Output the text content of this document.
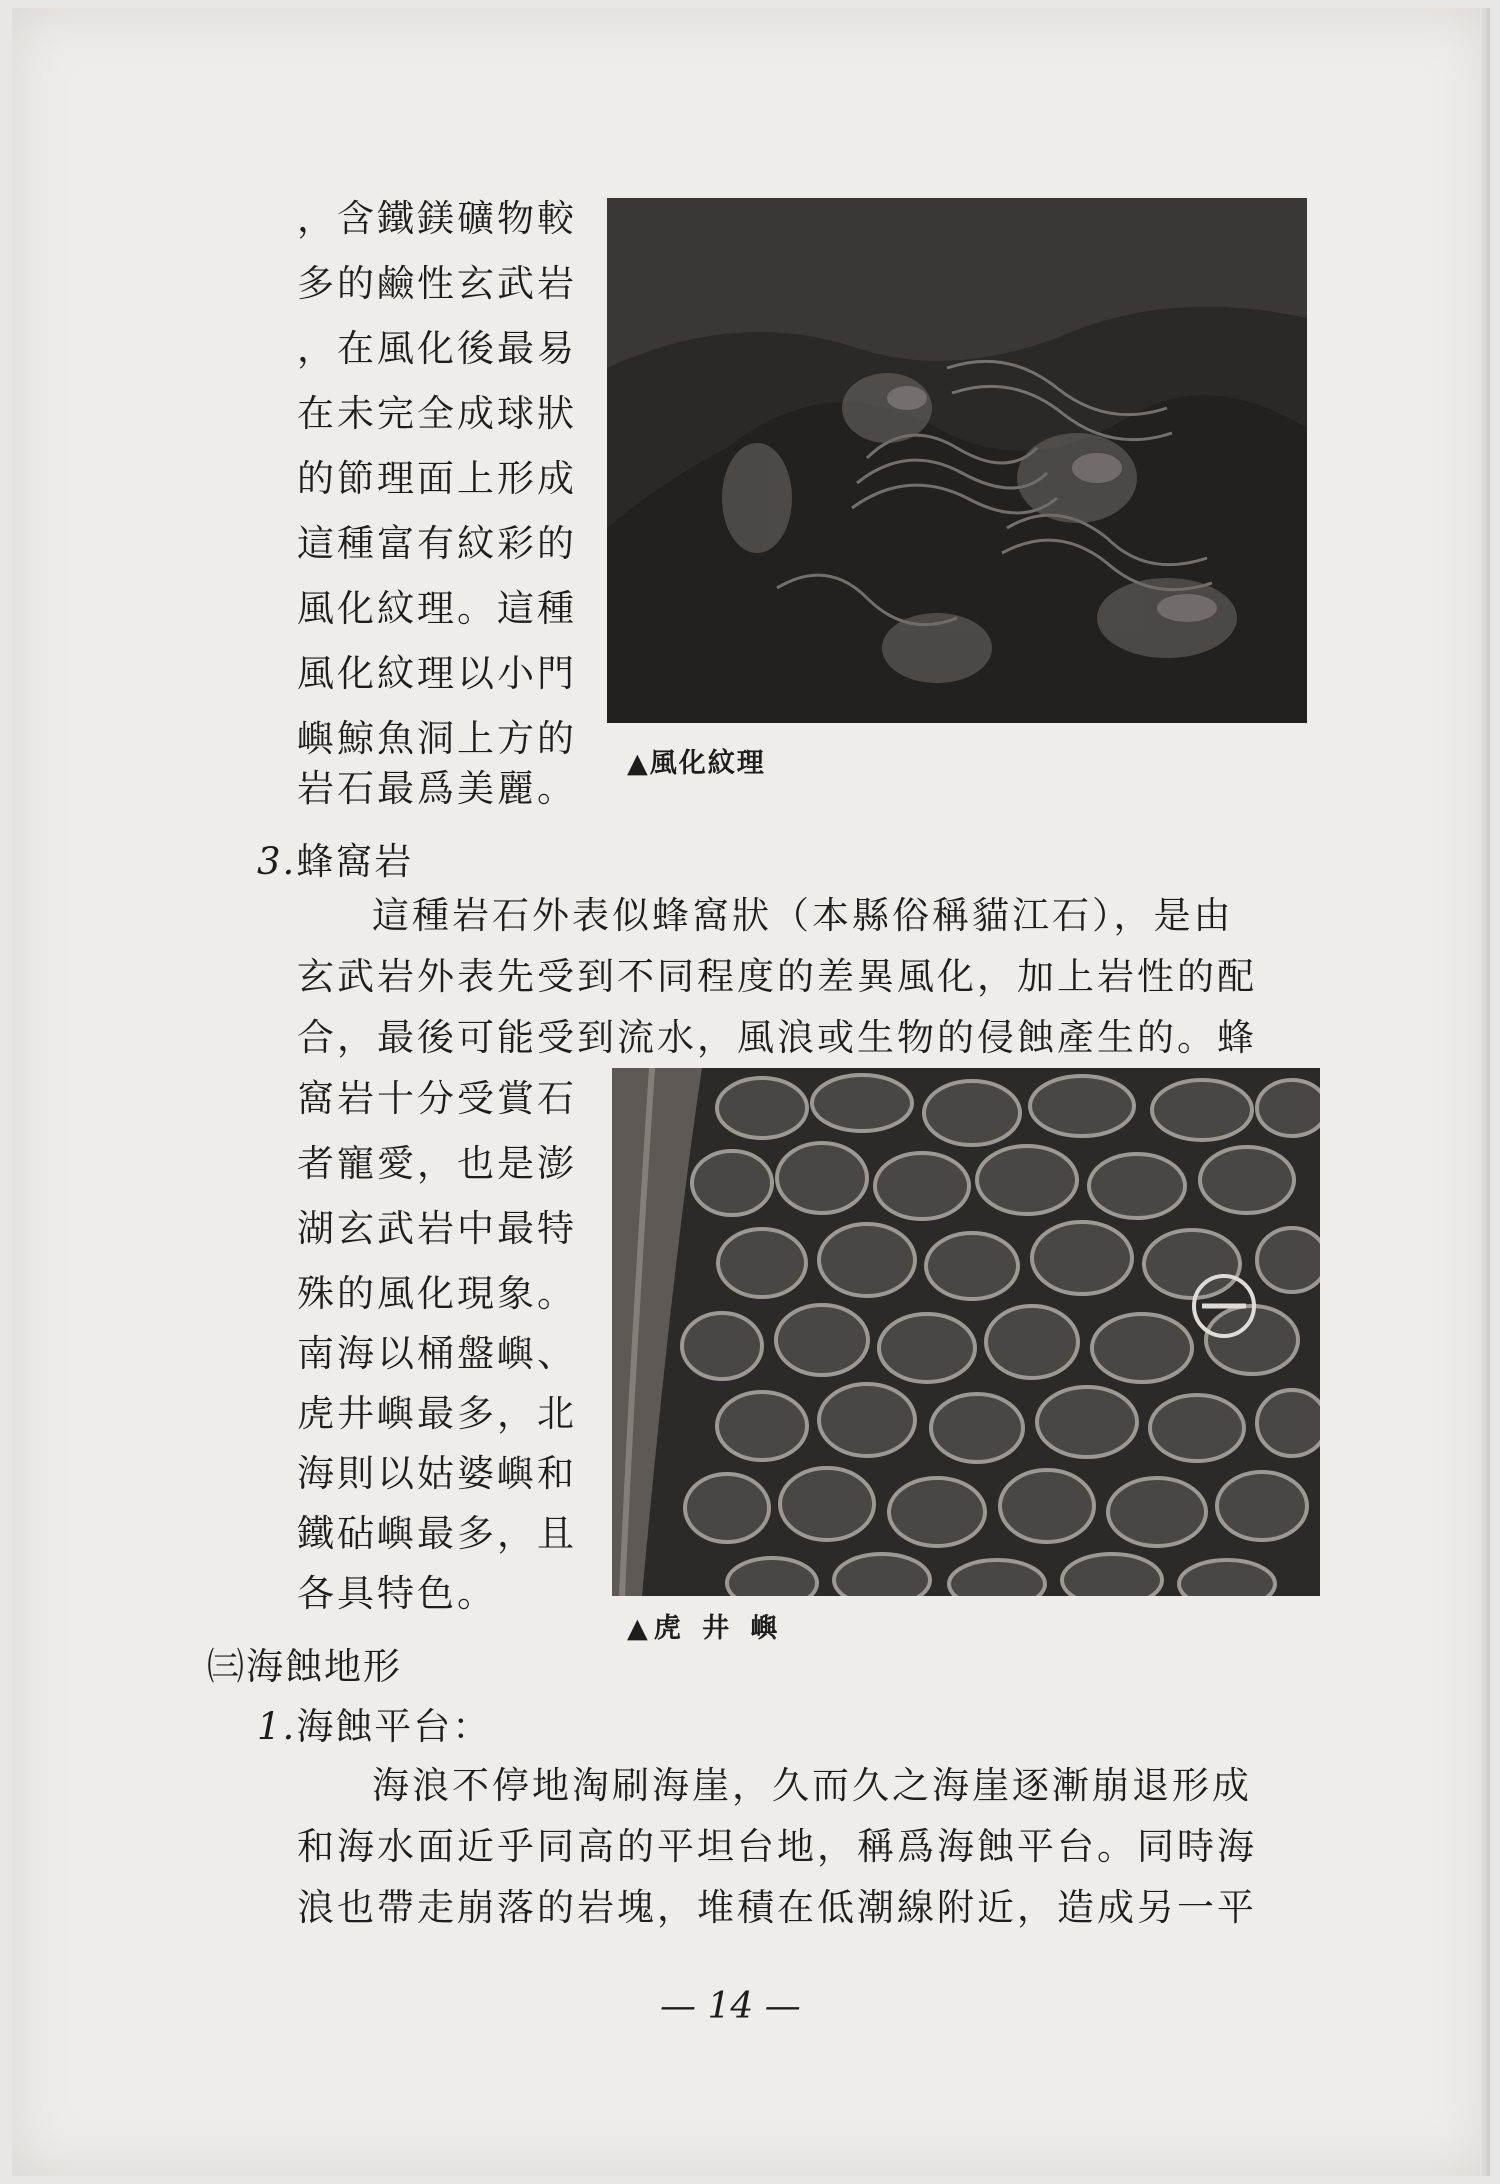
，含鐵鎂礦物較
多的鹼性玄武岩
，在風化後最易
在未完全成球狀
的節理面上形成
這種富有紋彩的
風化紋理。這種
風化紋理以小門
嶼鯨魚洞上方的
岩石最爲美麗。
▲風化紋理
3.蜂窩岩
這種岩石外表似蜂窩狀（本縣俗稱貓江石），是由
玄武岩外表先受到不同程度的差異風化，加上岩性的配
合，最後可能受到流水，風浪或生物的侵蝕產生的。蜂
窩岩十分受賞石
者寵愛，也是澎
湖玄武岩中最特
殊的風化現象。
南海以桶盤嶼、
虎井嶼最多，北
海則以姑婆嶼和
鐵砧嶼最多，且
各具特色。
▲虎 井 嶼
㈢海蝕地形
1.海蝕平台：
海浪不停地淘刷海崖，久而久之海崖逐漸崩退形成
和海水面近乎同高的平坦台地，稱爲海蝕平台。同時海
浪也帶走崩落的岩塊，堆積在低潮線附近，造成另一平
— 14 —
